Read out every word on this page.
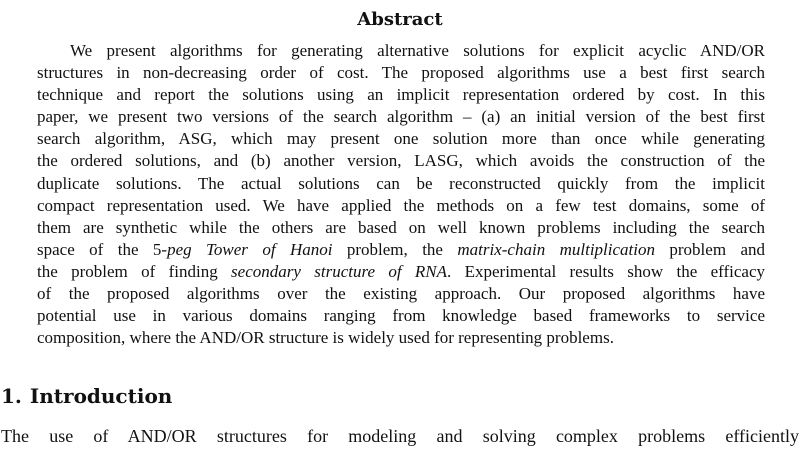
Abstract
We present algorithms for generating alternative solutions for explicit acyclic AND/OR
structures in non-decreasing order of cost. The proposed algorithms use a best first search
technique and report the solutions using an implicit representation ordered by cost. In this
paper, we present two versions of the search algorithm – (a) an initial version of the best first
search algorithm, ASG, which may present one solution more than once while generating
the ordered solutions, and (b) another version, LASG, which avoids the construction of the
duplicate solutions. The actual solutions can be reconstructed quickly from the implicit
compact representation used. We have applied the methods on a few test domains, some of
them are synthetic while the others are based on well known problems including the search
space of the 5-peg Tower of Hanoi problem, the matrix-chain multiplication problem and
the problem of finding secondary structure of RNA. Experimental results show the efficacy
of the proposed algorithms over the existing approach. Our proposed algorithms have
potential use in various domains ranging from knowledge based frameworks to service
composition, where the AND/OR structure is widely used for representing problems.
1. Introduction
The use of AND/OR structures for modeling and solving complex problems efficiently
